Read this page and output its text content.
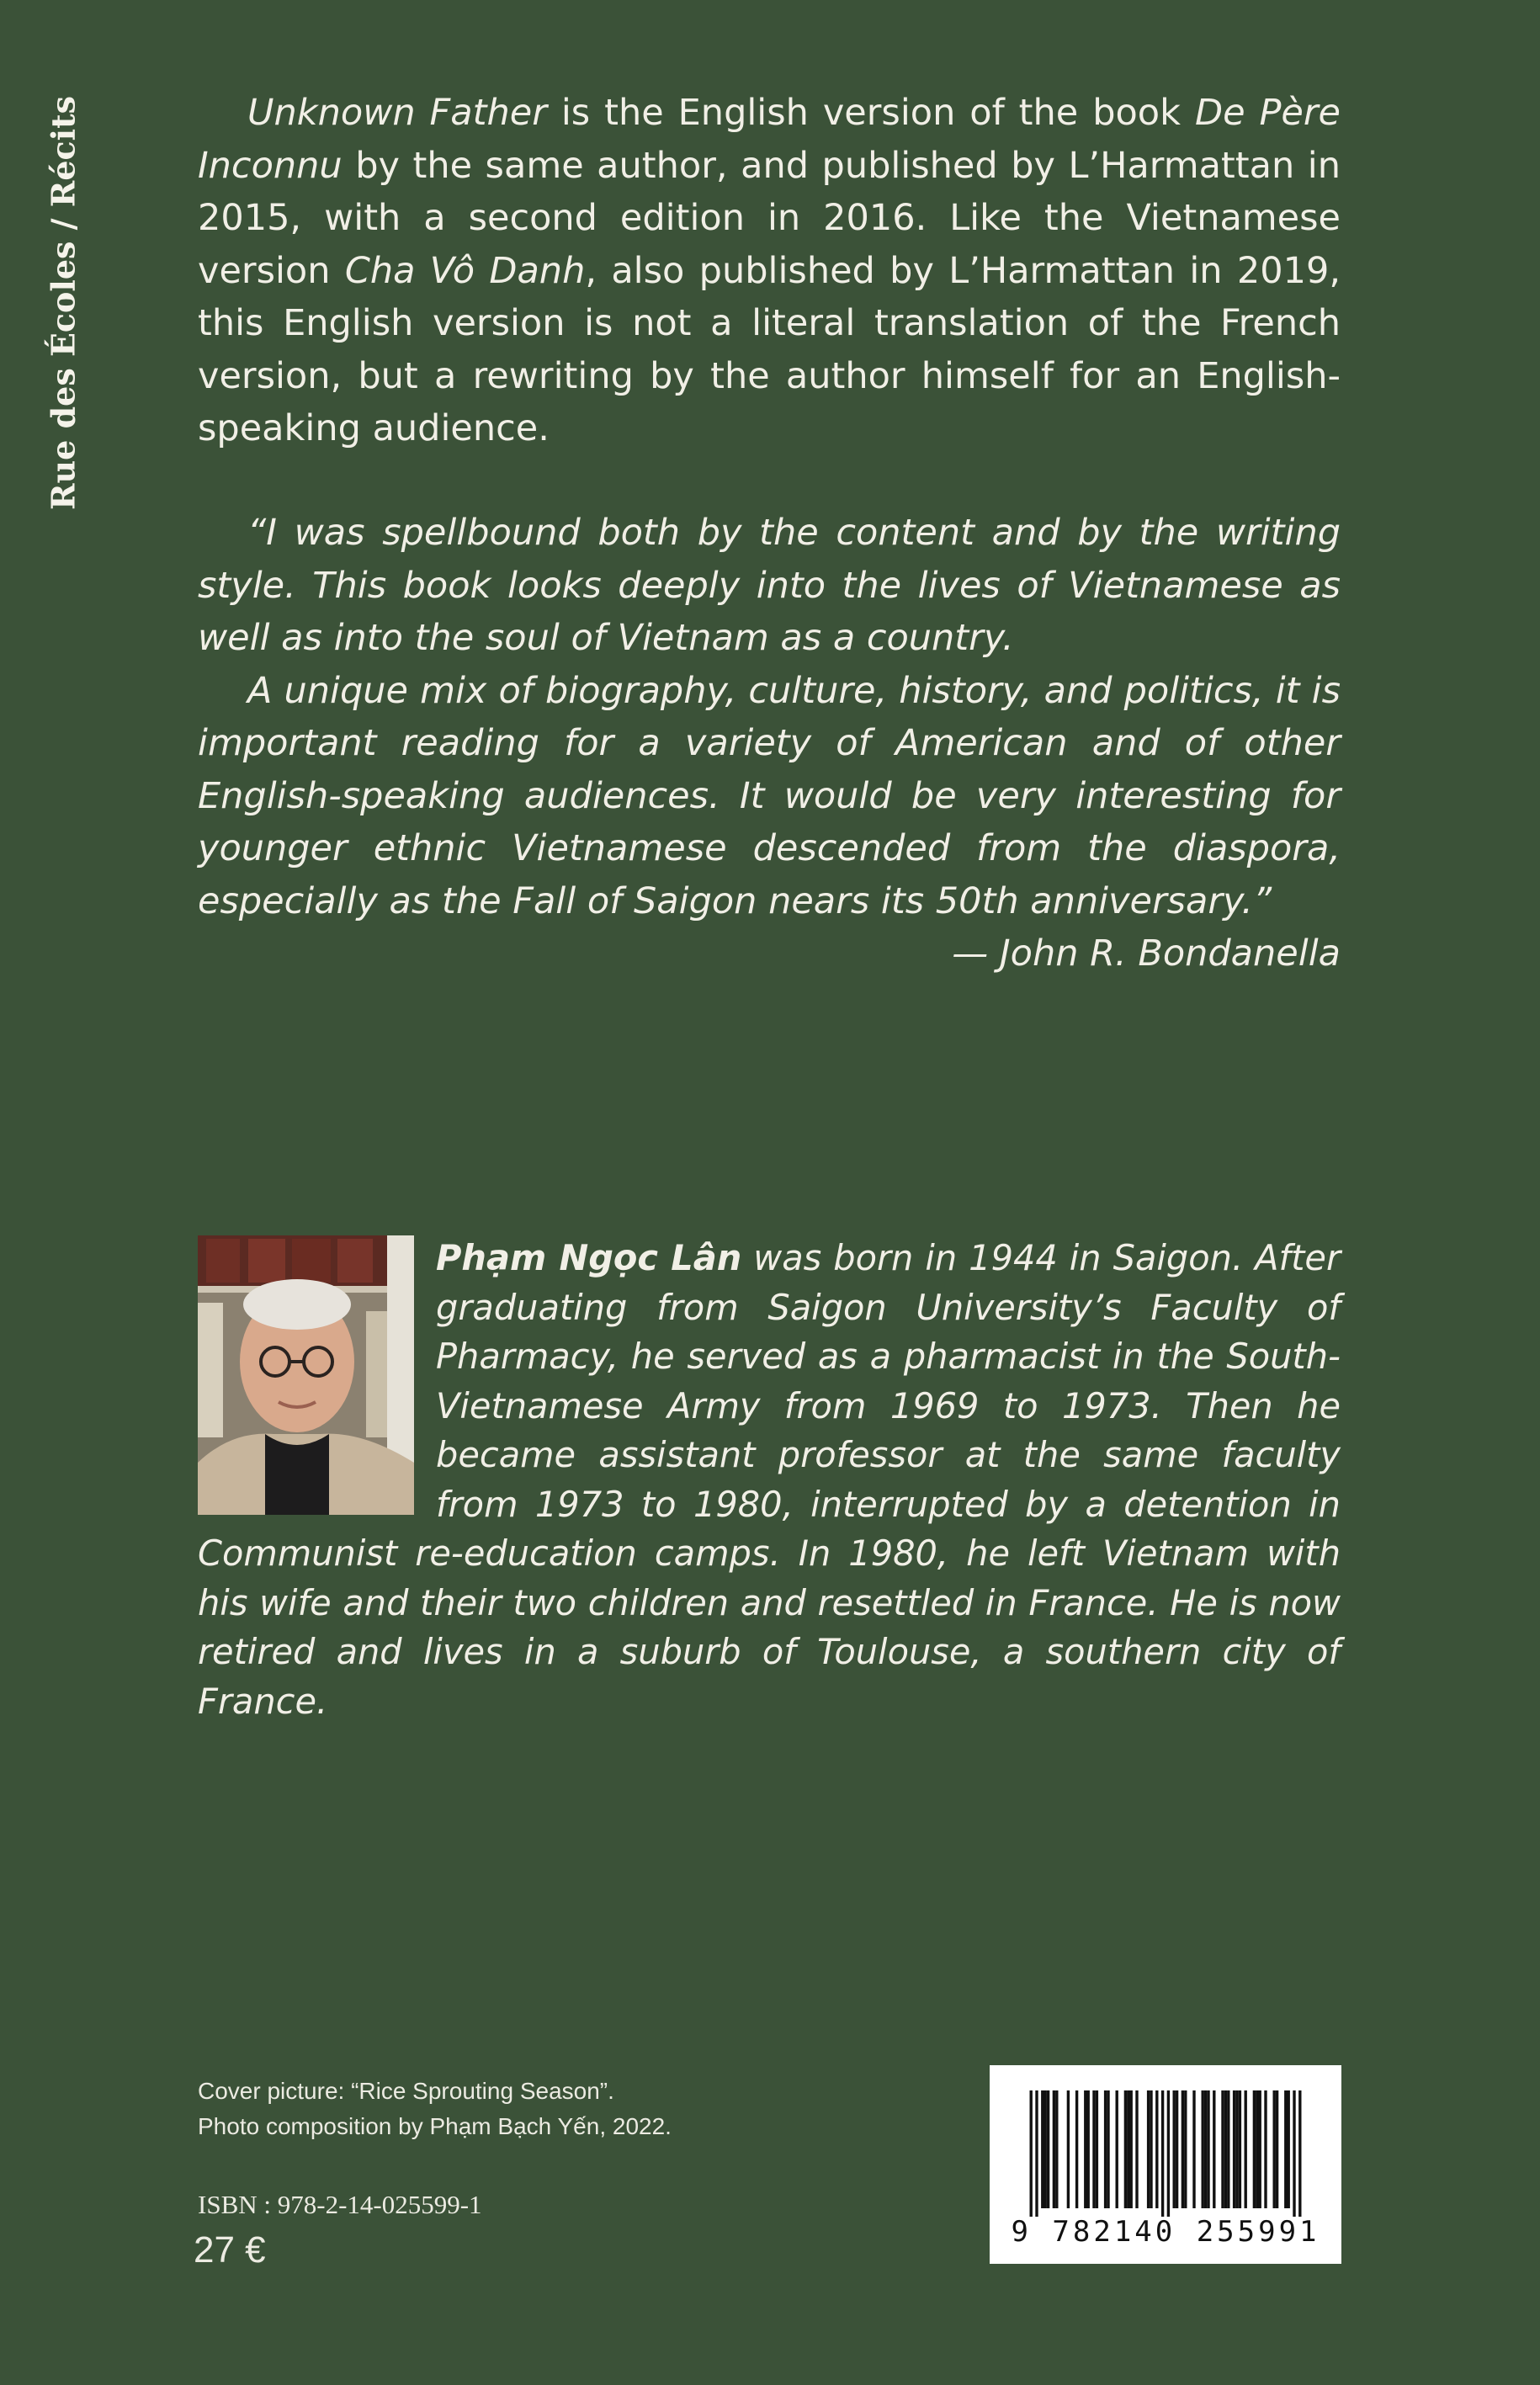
Rue des Écoles / Récits	Unknown Father is the English version of the book De Père Inconnu by the same author, and published by L’Harmattan in 2015, with a second edition in 2016. Like the Vietnamese version Cha Vô Danh, also published by L’Harmattan in 2019, this English version is not a literal translation of the French version, but a rewriting by the author himself for an English-speaking audience.

“I was spellbound both by the content and by the writing style. This book looks deeply into the lives of Vietnamese as well as into the soul of Vietnam as a country.

A unique mix of biography, culture, history, and politics, it is important reading for a variety of American and of other English-speaking audiences. It would be very interesting for younger ethnic Vietnamese descended from the diaspora, especially as the Fall of Saigon nears its 50th anniversary.”

— John R. Bondanella
Phạm Ngọc Lân was born in 1944 in Saigon. After graduating from Saigon University’s Faculty of Pharmacy, he served as a pharmacist in the South-Vietnamese Army from 1969 to 1973. Then he became assistant professor at the same faculty from 1973 to 1980, interrupted by a detention in Communist re-education camps. In 1980, he left Vietnam with his wife and their two children and resettled in France. He is now retired and lives in a suburb of Toulouse, a southern city of France.
Cover picture: “Rice Sprouting Season”.
Photo composition by Phạm Bạch Yến, 2022.
ISBN : 978-2-14-025599-1
27 €	9 782140 255991
